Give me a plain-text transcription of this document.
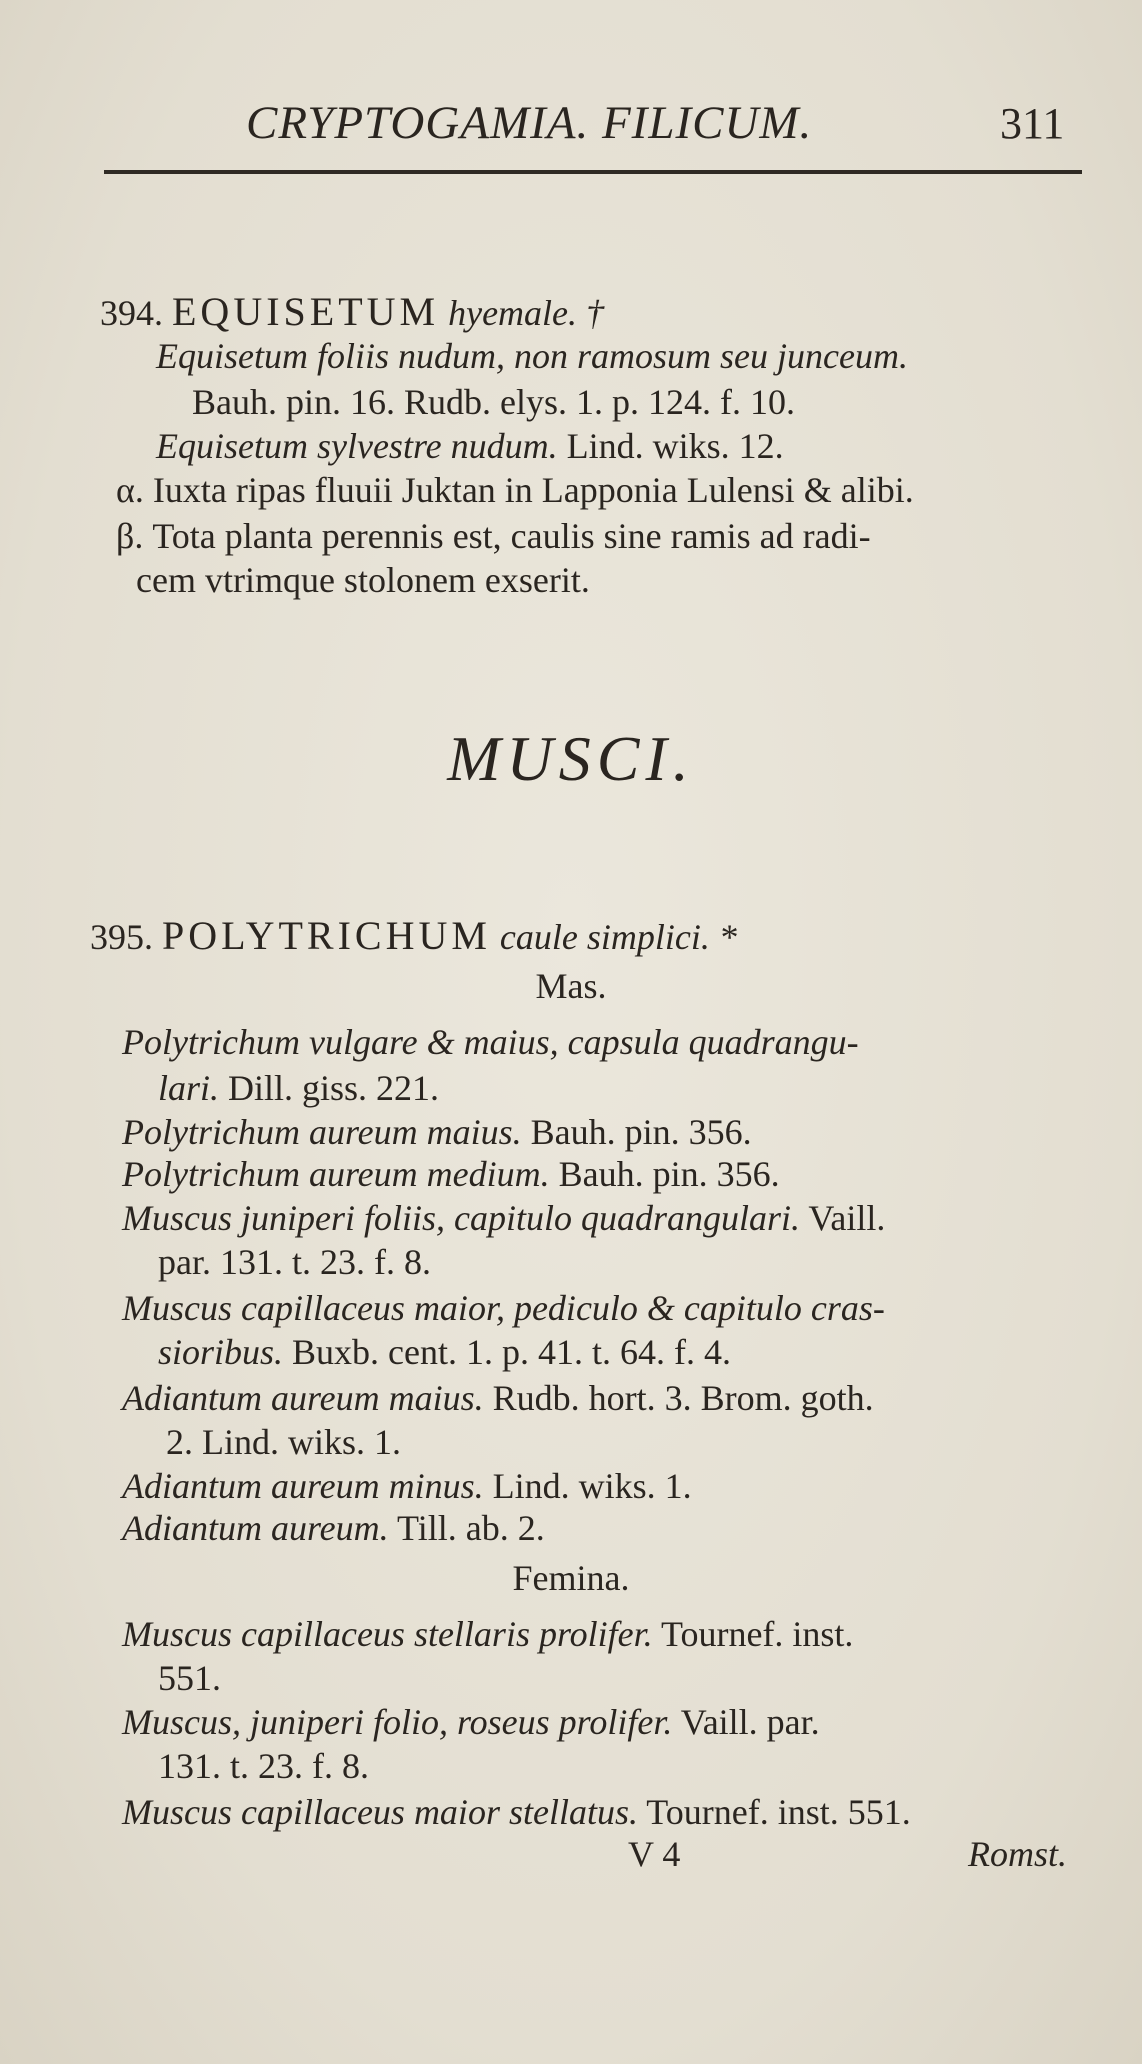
CRYPTOGAMIA. FILICUM.	311
394. EQUISETUM hyemale. †
Equisetum foliis nudum, non ramosum seu junceum.
Bauh. pin. 16. Rudb. elys. 1. p. 124. f. 10.
Equisetum sylvestre nudum. Lind. wiks. 12.
α. Iuxta ripas fluuii Juktan in Lapponia Lulensi & alibi.
β. Tota planta perennis est, caulis sine ramis ad radi-
cem vtrimque stolonem exserit.
MUSCI.
395. POLYTRICHUM caule simplici. *
Mas.
Polytrichum vulgare & maius, capsula quadrangu-
lari. Dill. giss. 221.
Polytrichum aureum maius. Bauh. pin. 356.
Polytrichum aureum medium. Bauh. pin. 356.
Muscus juniperi foliis, capitulo quadrangulari. Vaill.
par. 131. t. 23. f. 8.
Muscus capillaceus maior, pediculo & capitulo cras-
sioribus. Buxb. cent. 1. p. 41. t. 64. f. 4.
Adiantum aureum maius. Rudb. hort. 3. Brom. goth.
2. Lind. wiks. 1.
Adiantum aureum minus. Lind. wiks. 1.
Adiantum aureum. Till. ab. 2.
Femina.
Muscus capillaceus stellaris prolifer. Tournef. inst.
551.
Muscus, juniperi folio, roseus prolifer. Vaill. par.
131. t. 23. f. 8.
Muscus capillaceus maior stellatus. Tournef. inst. 551.
V 4	Romst.
